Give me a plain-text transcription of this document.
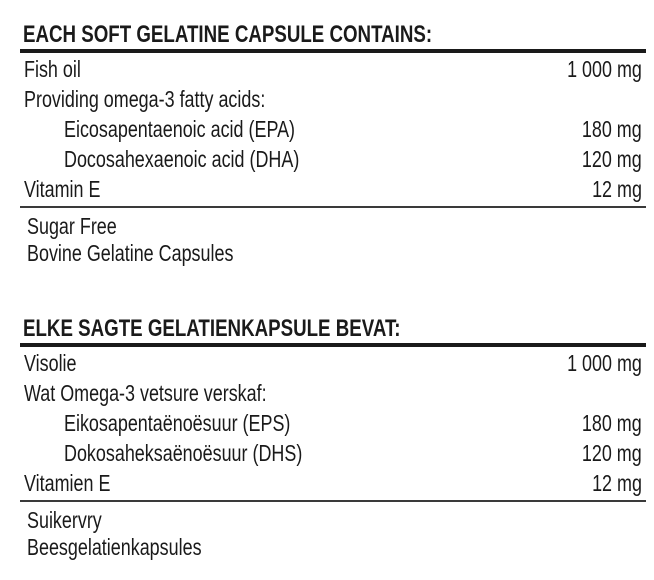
EACH SOFT GELATINE CAPSULE CONTAINS:
Fish oil	1 000 mg
Providing omega-3 fatty acids:
Eicosapentaenoic acid (EPA)	180 mg
Docosahexaenoic acid (DHA)	120 mg
Vitamin E	12 mg
Sugar Free
Bovine Gelatine Capsules
ELKE SAGTE GELATIENKAPSULE BEVAT:
Visolie	1 000 mg
Wat Omega-3 vetsure verskaf:
Eikosapentaënoësuur (EPS)	180 mg
Dokosaheksaënoësuur (DHS)	120 mg
Vitamien E	12 mg
Suikervry
Beesgelatienkapsules
